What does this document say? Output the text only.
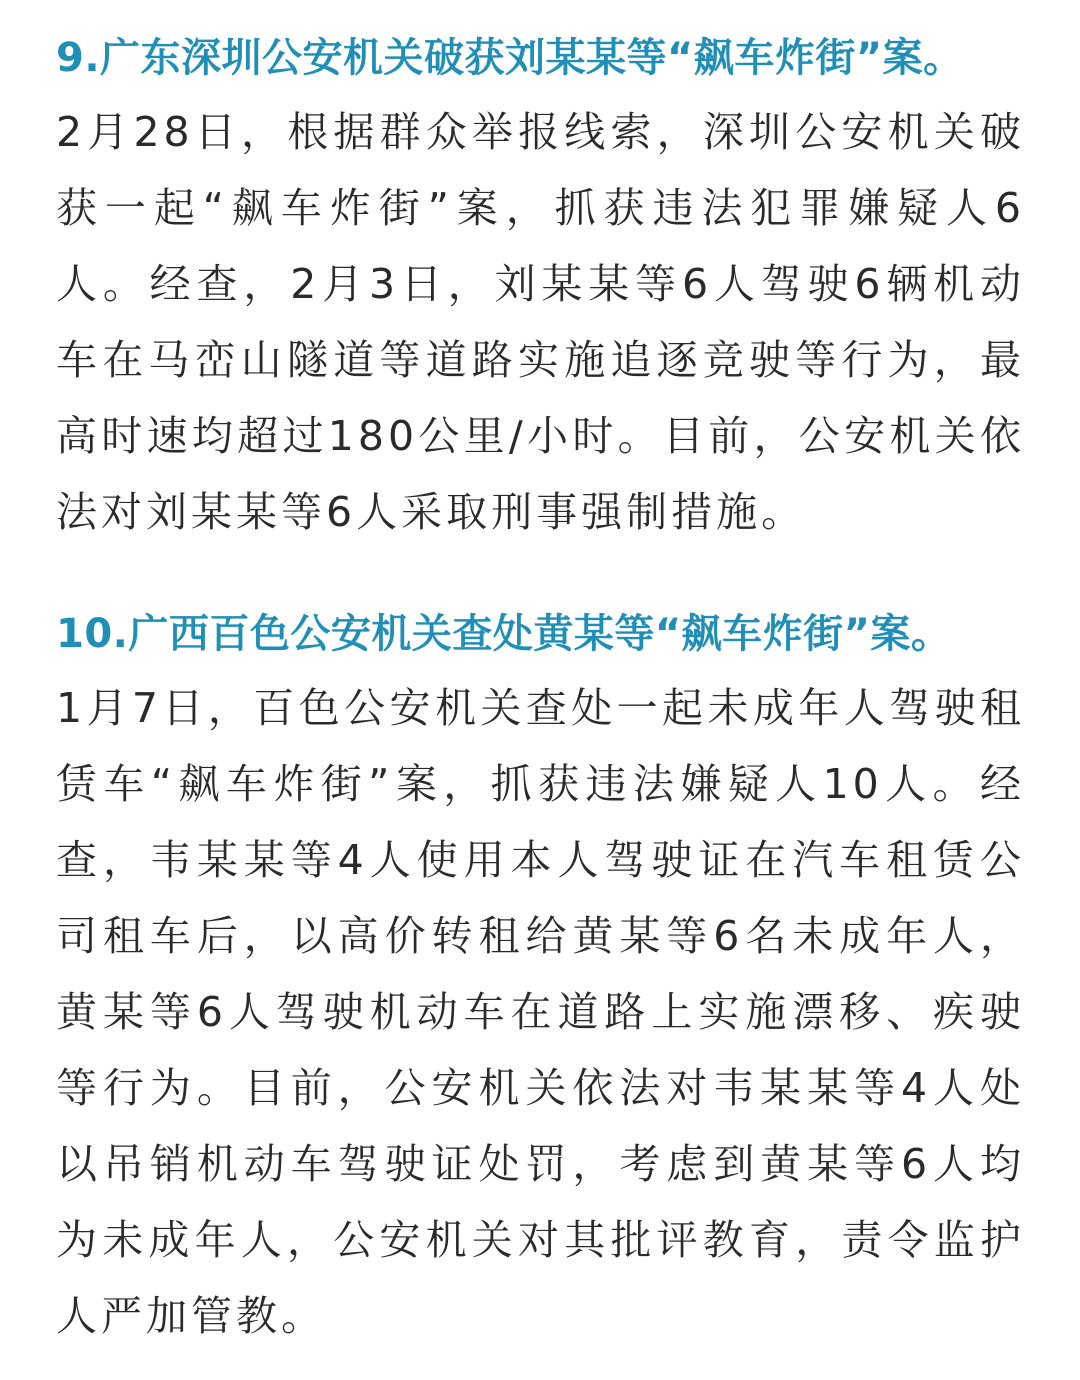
9.广东深圳公安机关破获刘某某等“飙车炸街”案。

2月28日，根据群众举报线索，深圳公安机关破获一起“飙车炸街”案，抓获违法犯罪嫌疑人6人。经查，2月3日，刘某某等6人驾驶6辆机动车在马峦山隧道等道路实施追逐竞驶等行为，最高时速均超过180公里/小时。目前，公安机关依法对刘某某等6人采取刑事强制措施。

10.广西百色公安机关查处黄某等“飙车炸街”案。

1月7日，百色公安机关查处一起未成年人驾驶租赁车“飙车炸街”案，抓获违法嫌疑人10人。经查，韦某某等4人使用本人驾驶证在汽车租赁公司租车后，以高价转租给黄某等6名未成年人，黄某等6人驾驶机动车在道路上实施漂移、疾驶等行为。目前，公安机关依法对韦某某等4人处以吊销机动车驾驶证处罚，考虑到黄某等6人均为未成年人，公安机关对其批评教育，责令监护人严加管教。
